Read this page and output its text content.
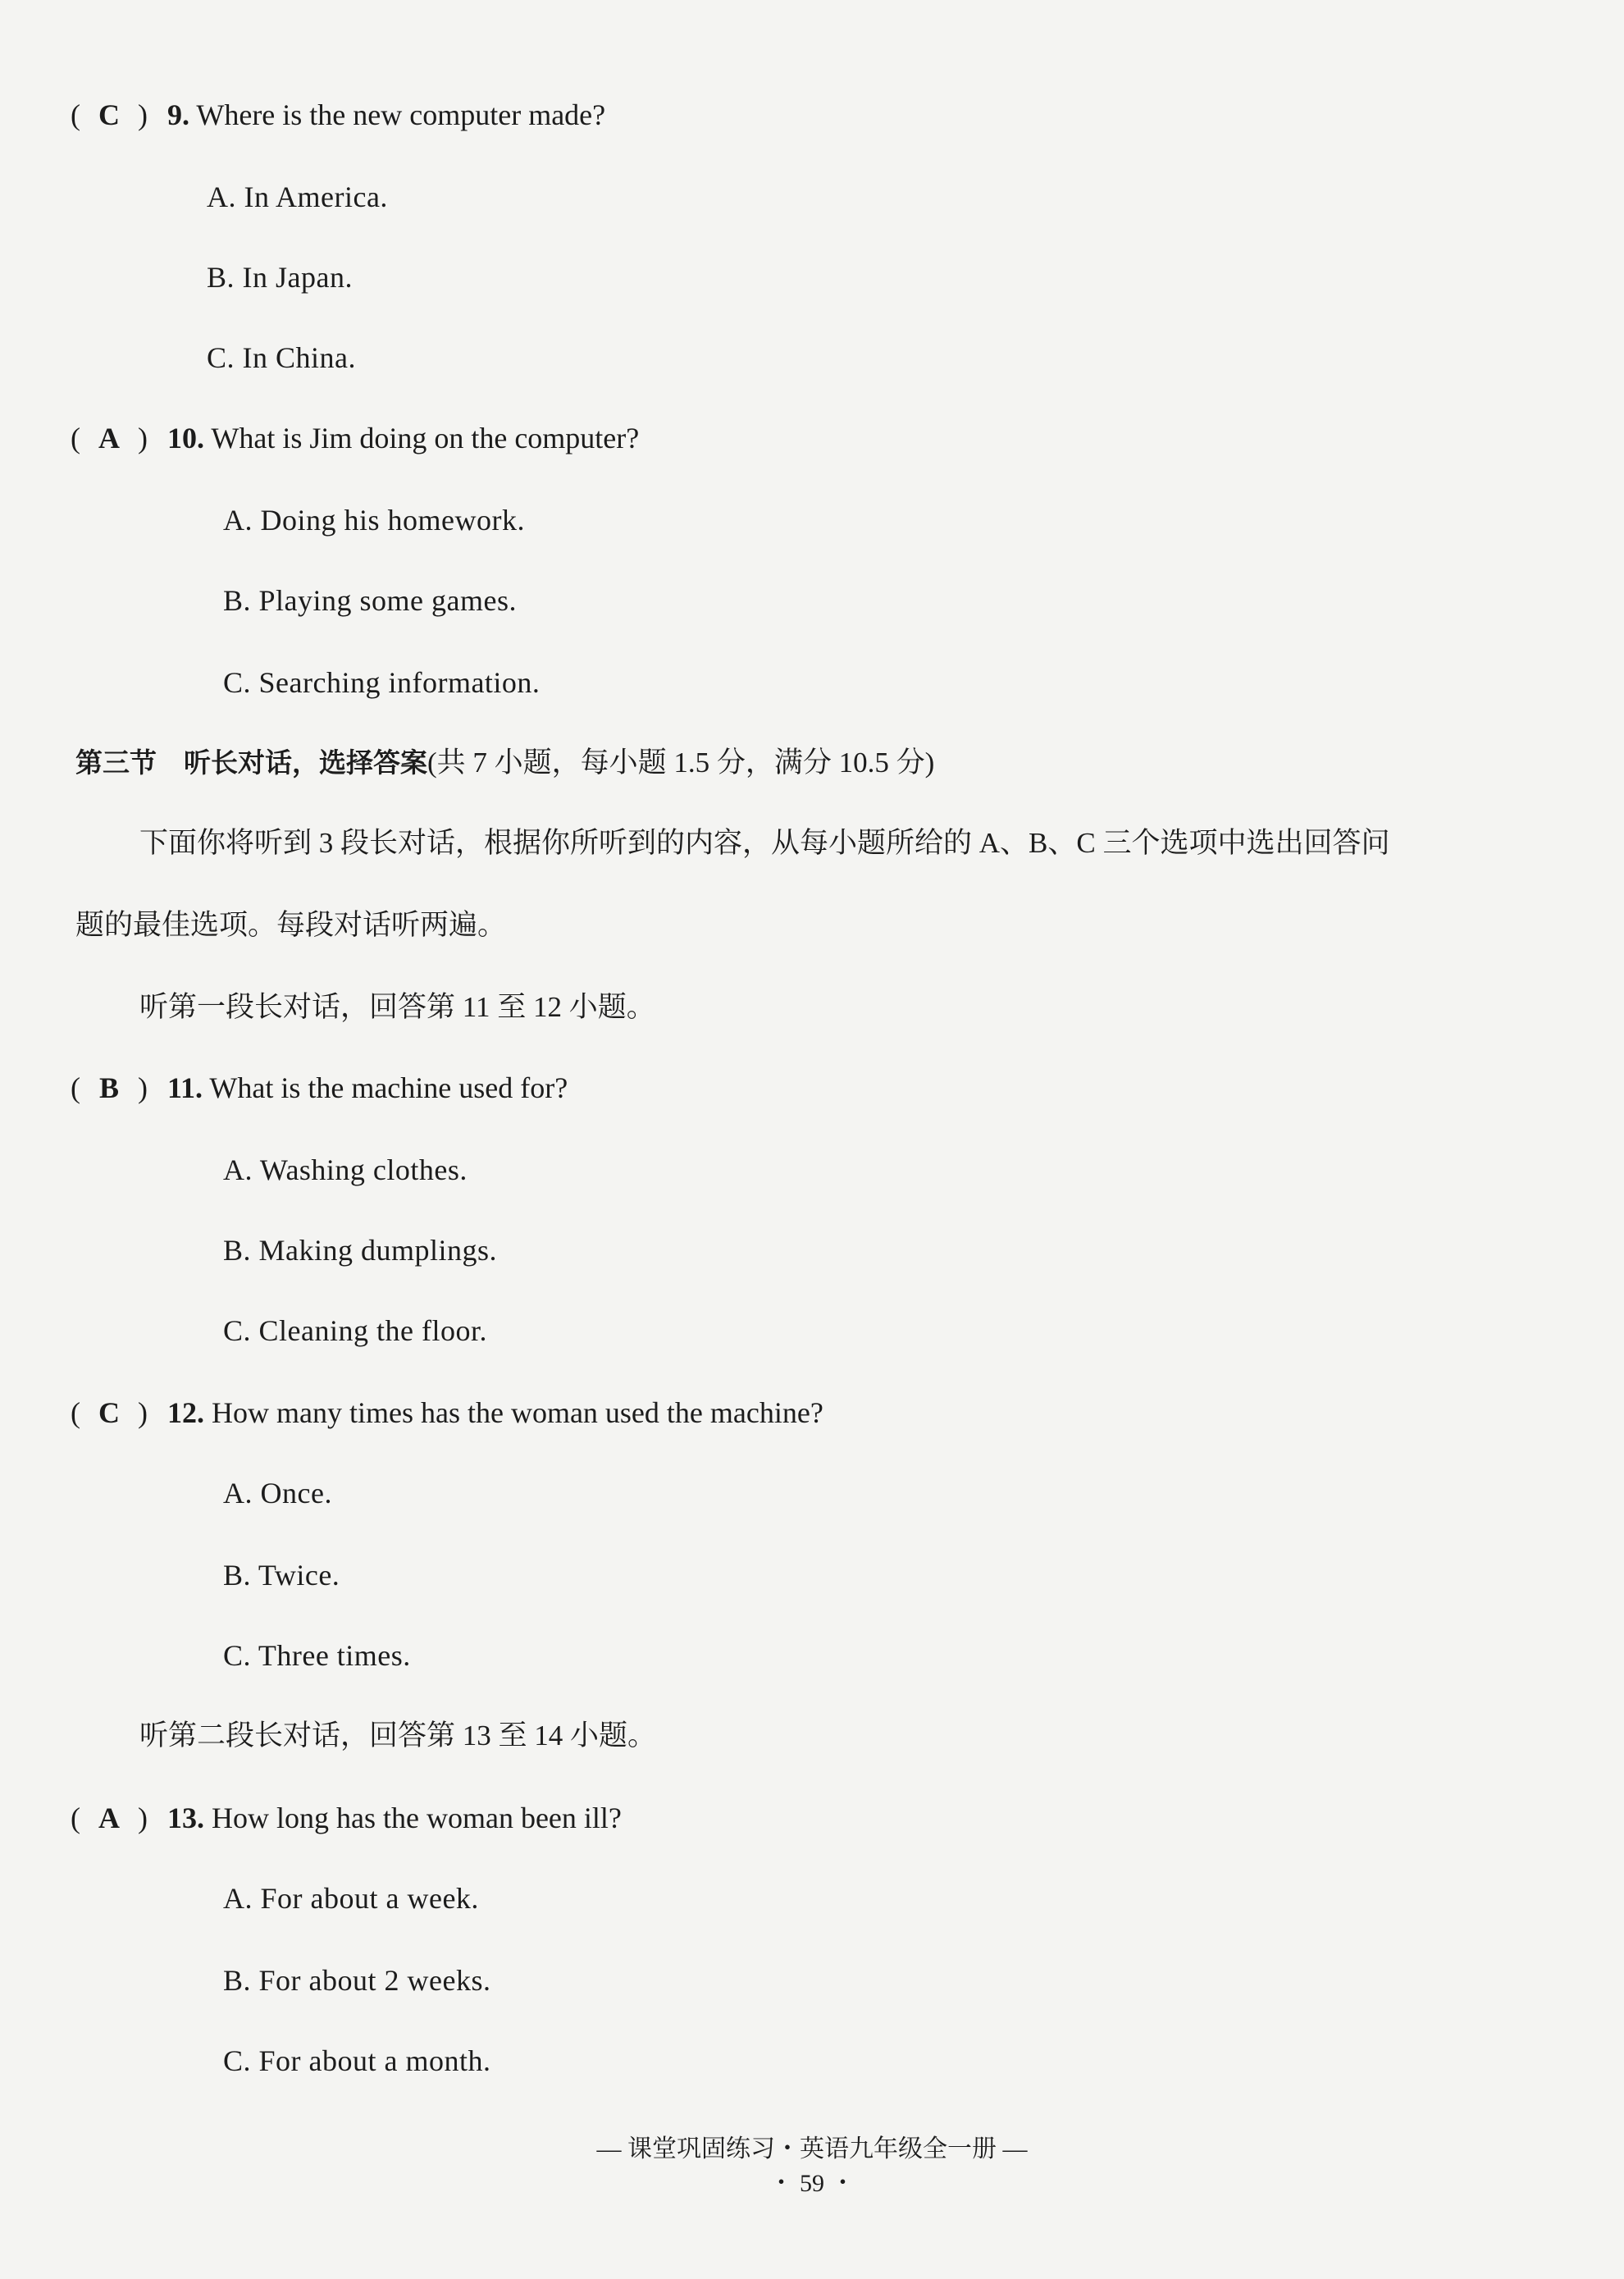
( C ) 9. Where is the new computer made?
A. In America.
B. In Japan.
C. In China.
( A ) 10. What is Jim doing on the computer?
A. Doing his homework.
B. Playing some games.
C. Searching information.
第三节　听长对话，选择答案(共 7 小题，每小题 1.5 分，满分 10.5 分)
下面你将听到 3 段长对话，根据你所听到的内容，从每小题所给的 A、B、C 三个选项中选出回答问
题的最佳选项。每段对话听两遍。
听第一段长对话，回答第 11 至 12 小题。
( B ) 11. What is the machine used for?
A. Washing clothes.
B. Making dumplings.
C. Cleaning the floor.
( C ) 12. How many times has the woman used the machine?
A. Once.
B. Twice.
C. Three times.
听第二段长对话，回答第 13 至 14 小题。
( A ) 13. How long has the woman been ill?
A. For about a week.
B. For about 2 weeks.
C. For about a month.
— 课堂巩固练习・英语九年级全一册 —
・ 59 ・
